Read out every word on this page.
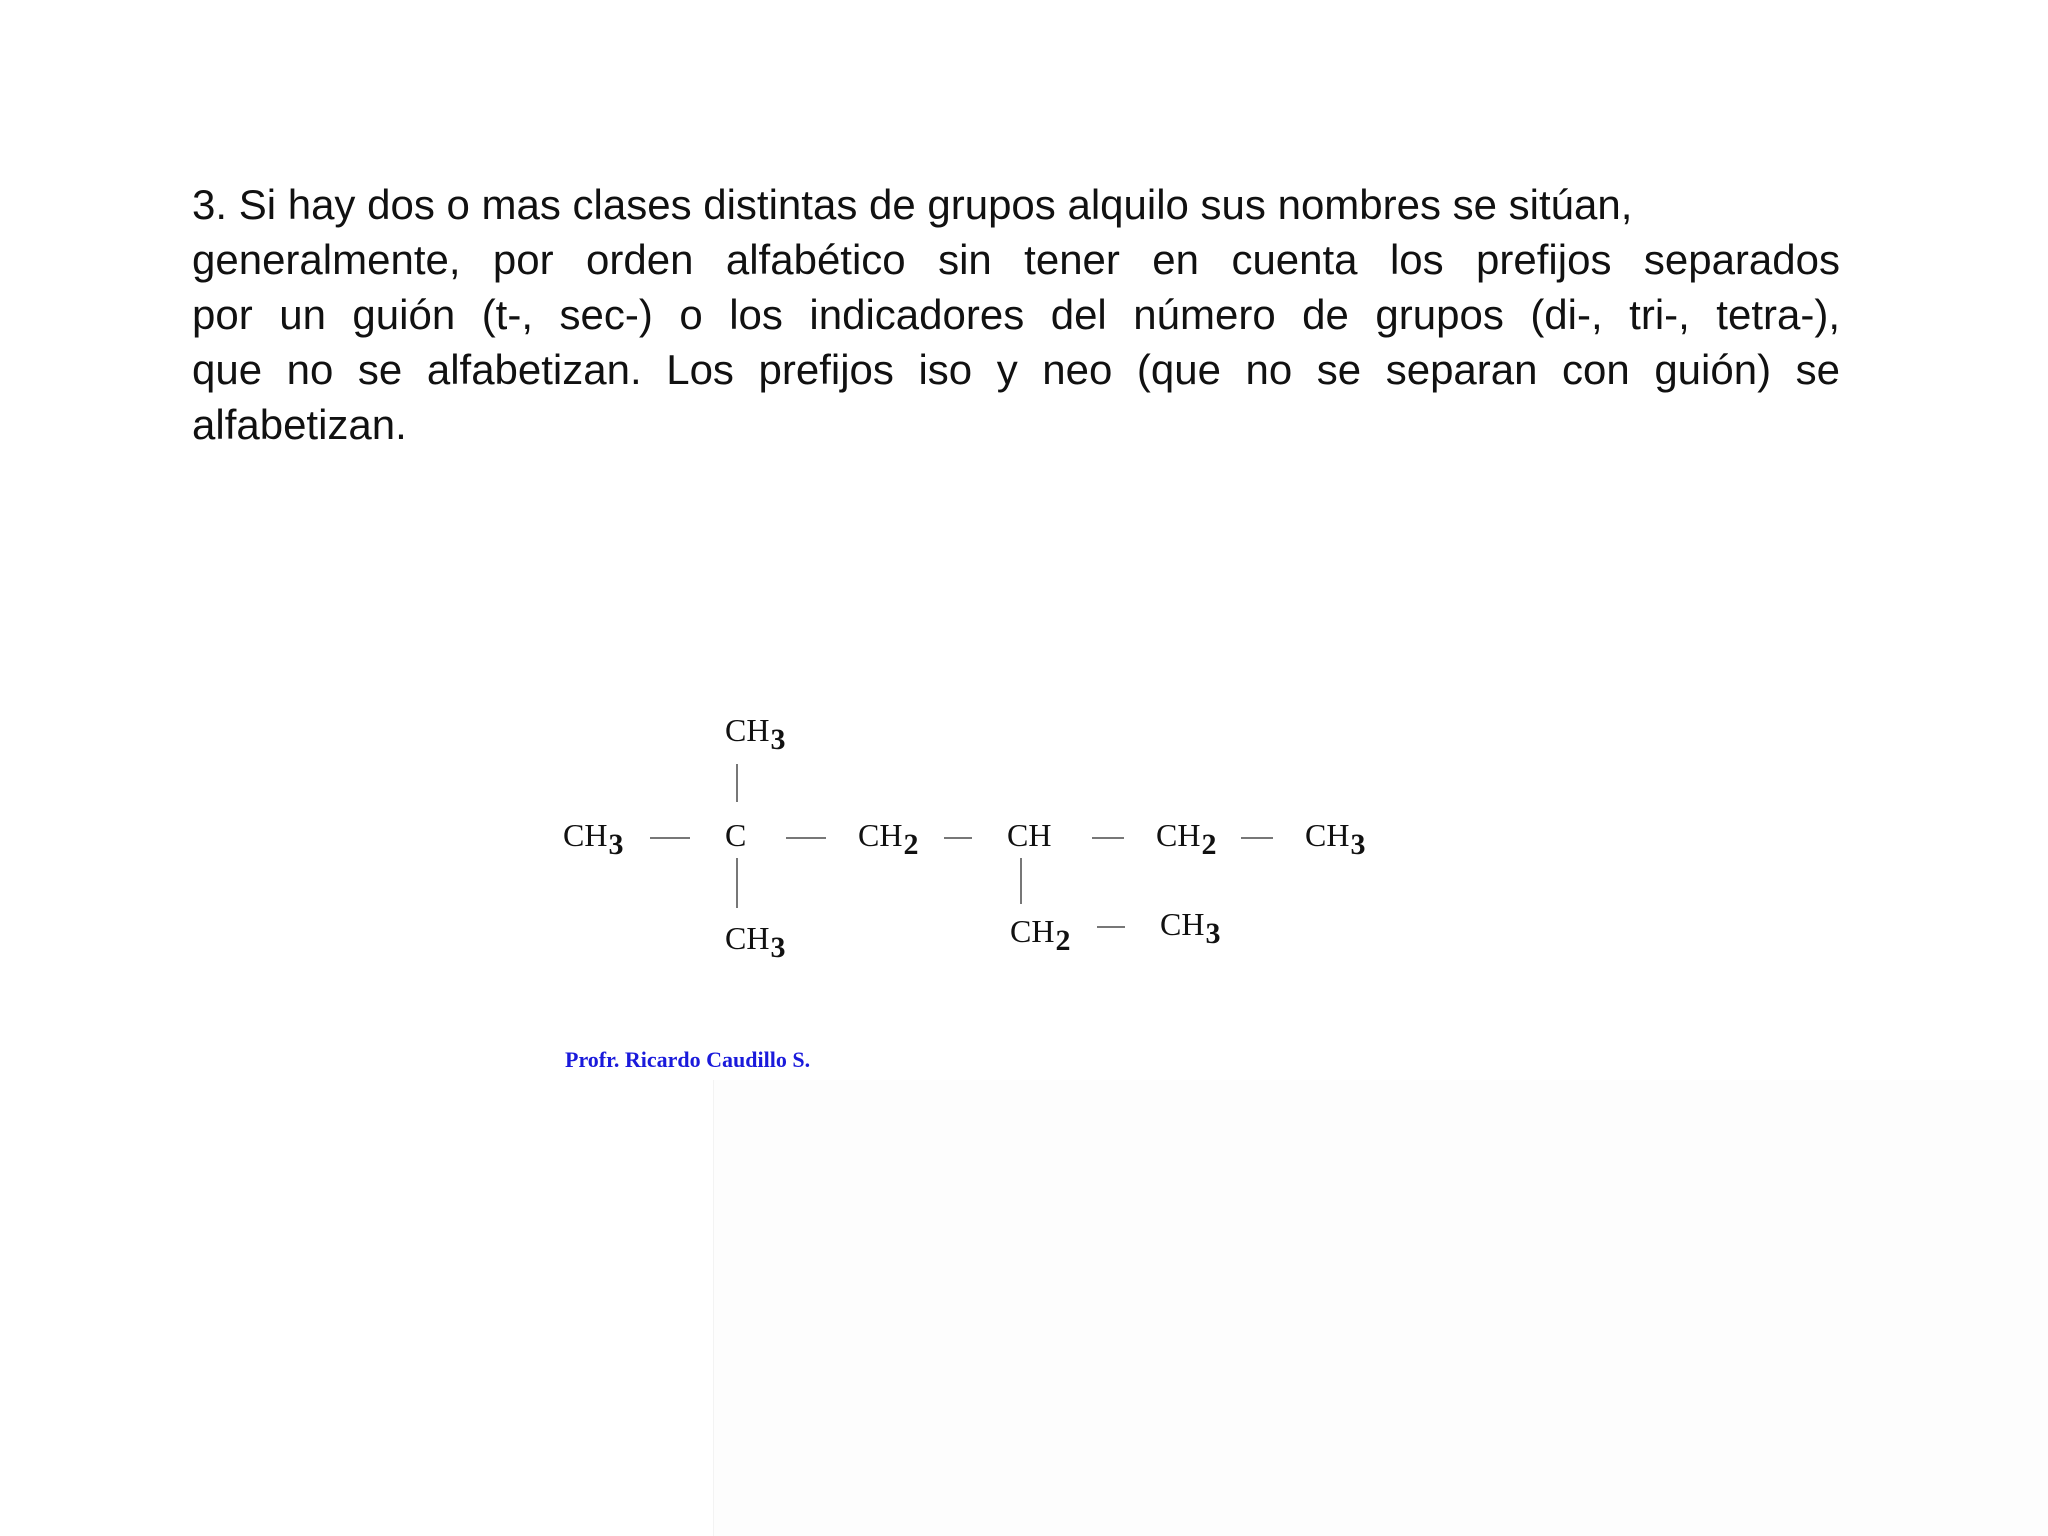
3. Si hay dos o mas clases distintas de grupos alquilo sus nombres se sitúan,
generalmente, por orden alfabético sin tener en cuenta los prefijos separados
por un guión (t-, sec-) o los indicadores del número de grupos (di-, tri-, tetra-),
que no se alfabetizan. Los prefijos iso y neo (que no se separan con guión) se
alfabetizan.
$CH_3$
$CH_3$	C	$CH_2$	CH	$CH_2$	$CH_3$
$CH_3$	$CH_2$	$CH_3$
Profr. Ricardo Caudillo S.
